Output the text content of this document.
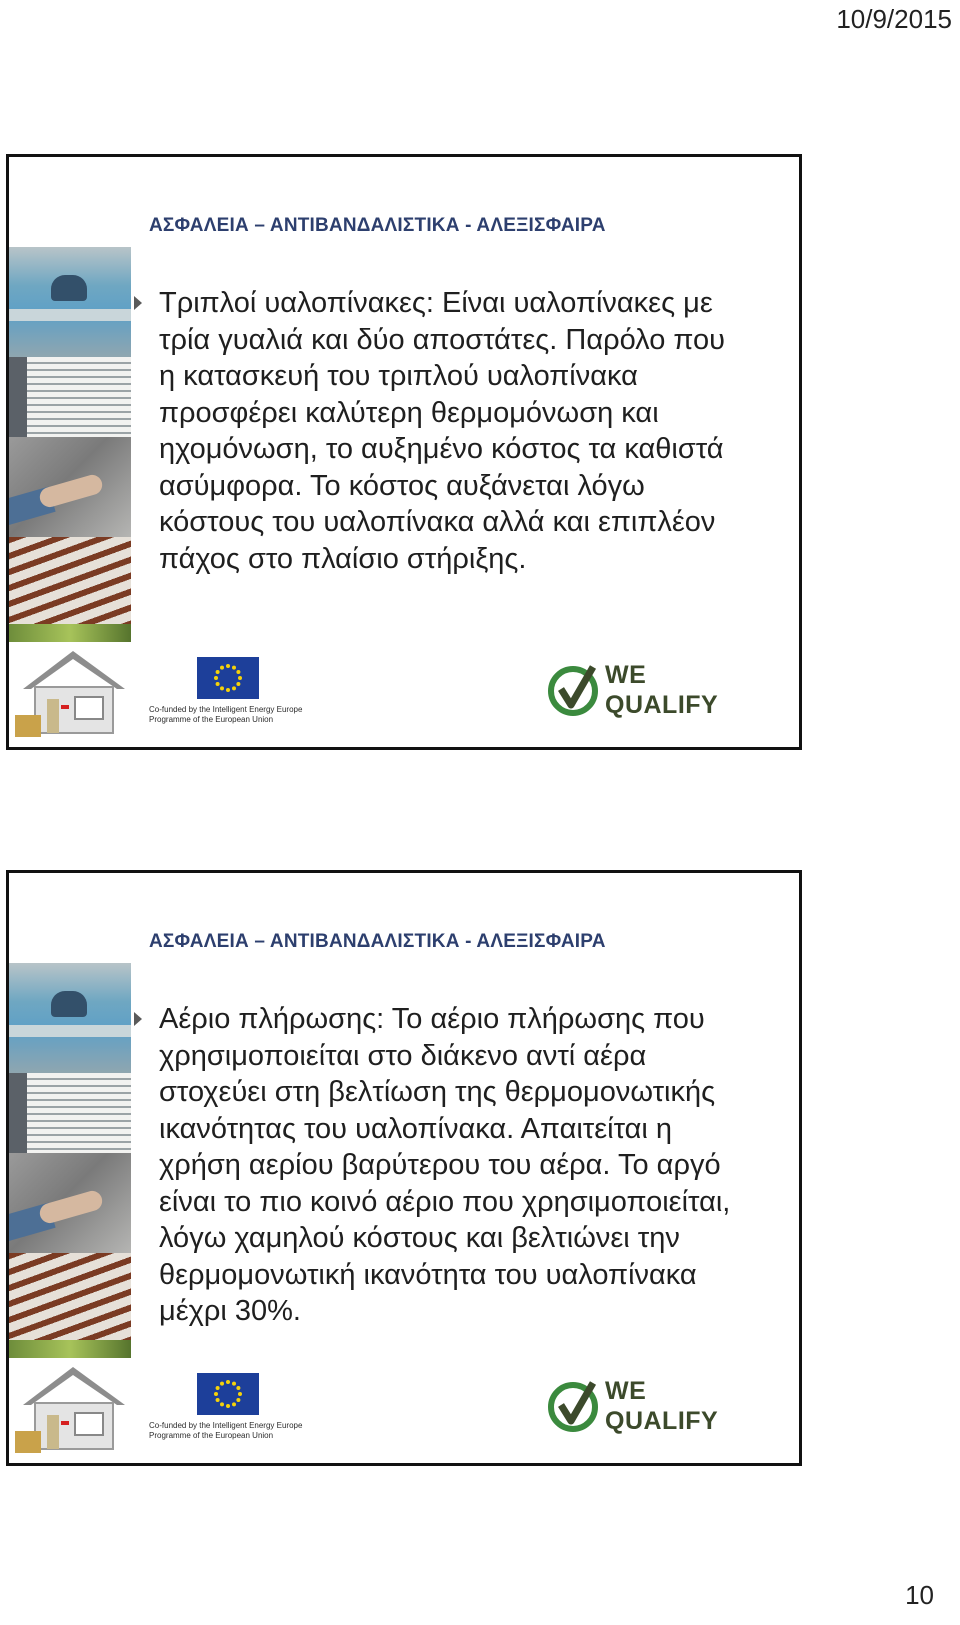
10/9/2015
ΑΣΦΑΛΕΙΑ – ΑΝΤΙΒΑΝΔΑΛΙΣΤΙΚΑ - ΑΛΕΞΙΣΦΑΙΡΑ
Τριπλοί υαλοπίνακες: Είναι υαλοπίνακες με τρία γυαλιά και δύο αποστάτες. Παρόλο που η κατασκευή του τριπλού υαλοπίνακα προσφέρει καλύτερη θερμομόνωση και ηχομόνωση, το αυξημένο κόστος τα καθιστά ασύμφορα. Το κόστος αυξάνεται λόγω κόστους του υαλοπίνακα αλλά και επιπλέον πάχος στο πλαίσιο στήριξης.
Co-funded by the Intelligent Energy Europe
Programme of the European Union
WE
QUALIFY
ΑΣΦΑΛΕΙΑ – ΑΝΤΙΒΑΝΔΑΛΙΣΤΙΚΑ - ΑΛΕΞΙΣΦΑΙΡΑ
Αέριο πλήρωσης: Το αέριο πλήρωσης που χρησιμοποιείται στο διάκενο αντί αέρα στοχεύει στη βελτίωση της θερμομονωτικής ικανότητας του υαλοπίνακα. Απαιτείται η χρήση αερίου βαρύτερου του αέρα. Το αργό είναι το πιο κοινό αέριο που χρησιμοποιείται, λόγω χαμηλού κόστους και βελτιώνει την θερμομονωτική ικανότητα του υαλοπίνακα μέχρι 30%.
Co-funded by the Intelligent Energy Europe
Programme of the European Union
WE
QUALIFY
10
